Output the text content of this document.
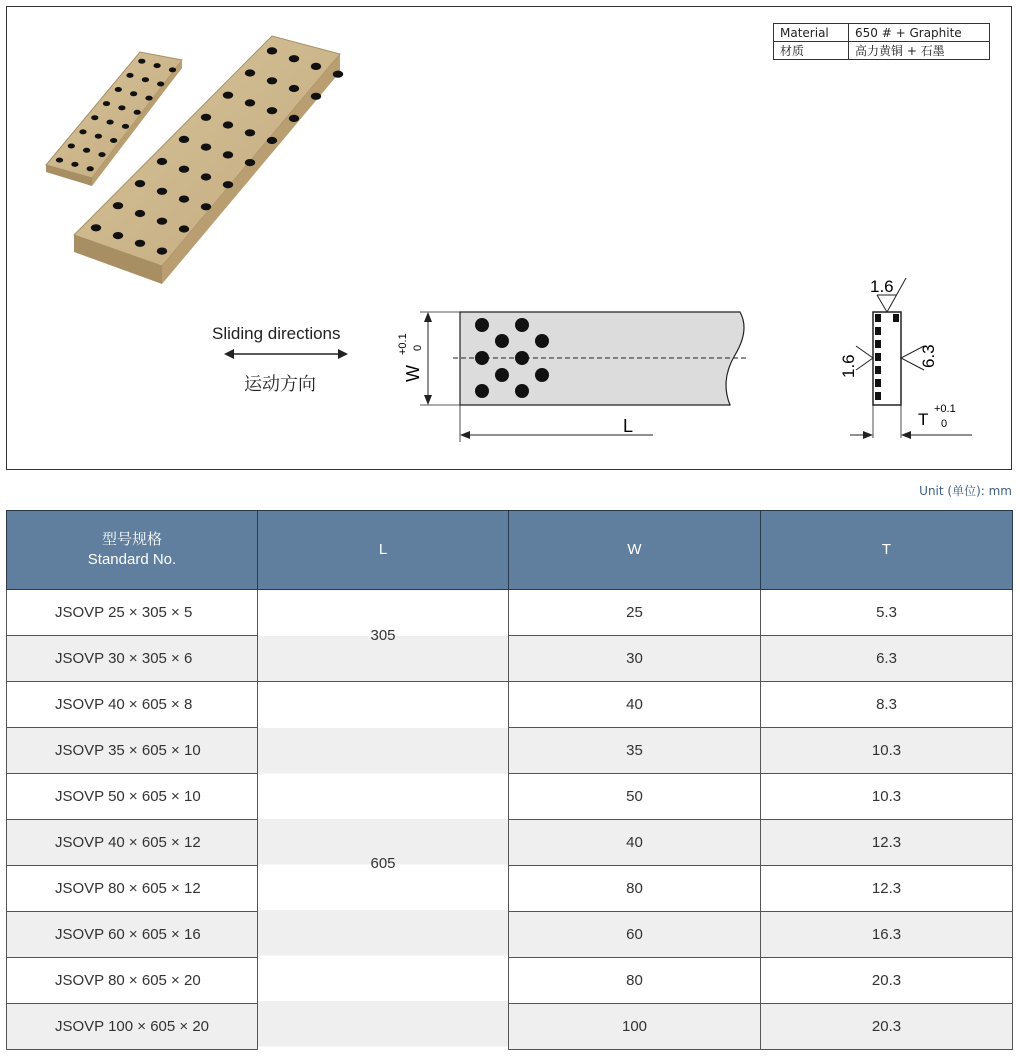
Material	650 # + Graphite
材质	高力黄铜 + 石墨
Sliding directions
运动方向
W
+0.1 0
L
1.6
1.6	6.3
T
+0.1
0
Unit (单位): mm
型号规格
Standard No.	L	W	T
JSOVP 25 × 305 × 5	305	25	5.3
JSOVP 30 × 305 × 6		30	6.3
JSOVP 40 × 605 × 8	605	40	8.3
JSOVP 35 × 605 × 10		35	10.3
JSOVP 50 × 605 × 10		50	10.3
JSOVP 40 × 605 × 12		40	12.3
JSOVP 80 × 605 × 12		80	12.3
JSOVP 60 × 605 × 16		60	16.3
JSOVP 80 × 605 × 20		80	20.3
JSOVP 100 × 605 × 20		100	20.3
